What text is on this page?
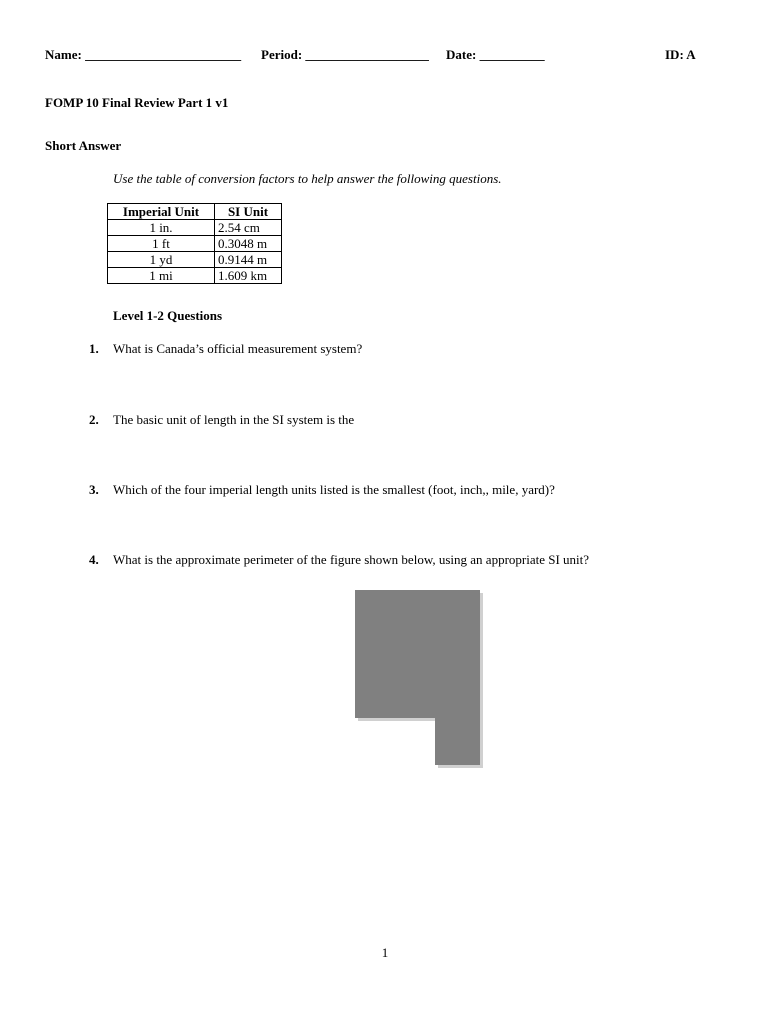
Name: ________________________ Period: ___________________ Date: __________	ID: A
FOMP 10 Final Review Part 1 v1
Short Answer
Use the table of conversion factors to help answer the following questions.
Imperial Unit	SI Unit
1 in.	2.54 cm
1 ft	0.3048 m
1 yd	0.9144 m
1 mi	1.609 km
Level 1-2 Questions
1. What is Canada’s official measurement system?
2. The basic unit of length in the SI system is the
3. Which of the four imperial length units listed is the smallest (foot, inch,, mile, yard)?
4. What is the approximate perimeter of the figure shown below, using an appropriate SI unit?
1
